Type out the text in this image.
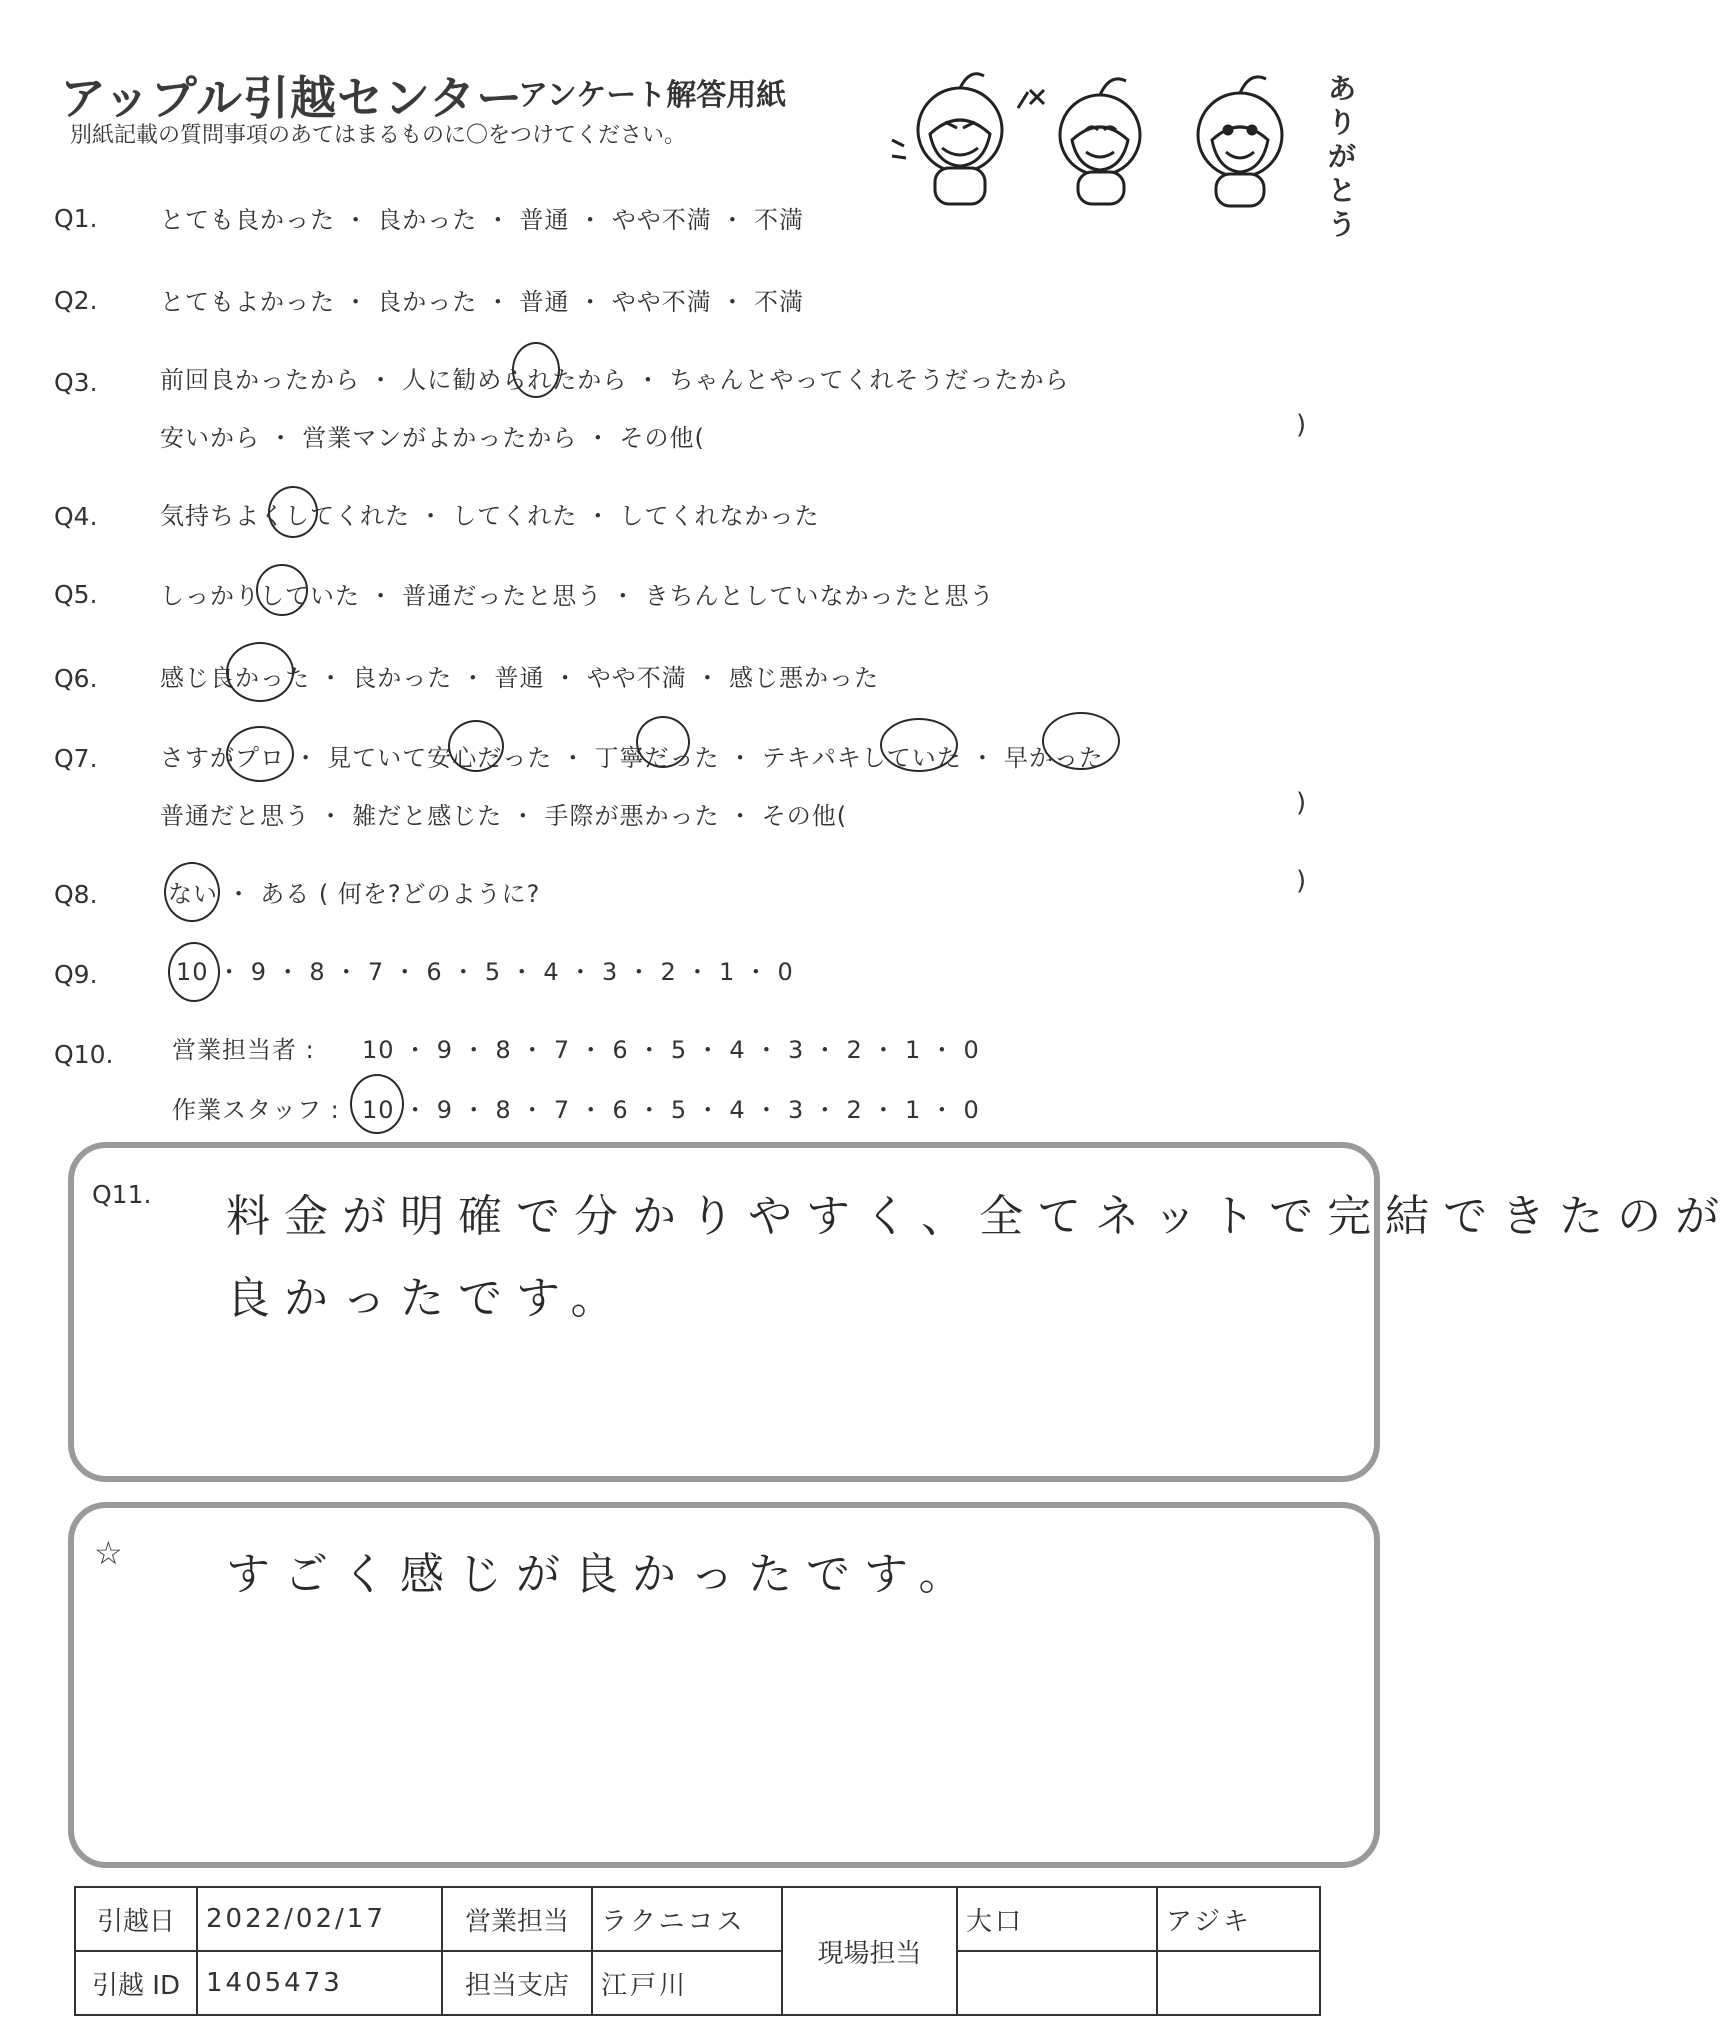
アップル引越センター
アンケート解答用紙
別紙記載の質問事項のあてはまるものに〇をつけてください。
ありがとう
Q1.	とても良かった ・ 良かった ・ 普通 ・ やや不満 ・ 不満
Q2.	とてもよかった ・ 良かった ・ 普通 ・ やや不満 ・ 不満
Q3.	前回良かったから ・ 人に勧められたから ・ ちゃんとやってくれそうだったから
安いから ・ 営業マンがよかったから ・ その他(	)
Q4.	気持ちよくしてくれた ・ してくれた ・ してくれなかった
Q5.	しっかりしていた ・ 普通だったと思う ・ きちんとしていなかったと思う
Q6.	感じ良かった ・ 良かった ・ 普通 ・ やや不満 ・ 感じ悪かった
Q7.	さすがプロ ・ 見ていて安心だった ・ 丁寧だった ・ テキパキしていた ・ 早かった
普通だと思う ・ 雑だと感じた ・ 手際が悪かった ・ その他(	)
Q8.	ない ・ ある ( 何を?どのように?	)
Q9.	10 ・ 9 ・ 8 ・ 7 ・ 6 ・ 5 ・ 4 ・ 3 ・ 2 ・ 1 ・ 0
Q10. 営業担当者 : 10 ・ 9 ・ 8 ・ 7 ・ 6 ・ 5 ・ 4 ・ 3 ・ 2 ・ 1 ・ 0
作業スタッフ : 10 ・ 9 ・ 8 ・ 7 ・ 6 ・ 5 ・ 4 ・ 3 ・ 2 ・ 1 ・ 0
Q11. 料金が明確で分かりやすく、全てネットで完結できたのが
良かったです。
☆ すごく感じが良かったです。
引越日	2022/02/17	営業担当	ラクニコス	現場担当	大口	アジキ
引越 ID	1405473	担当支店	江戸川			
